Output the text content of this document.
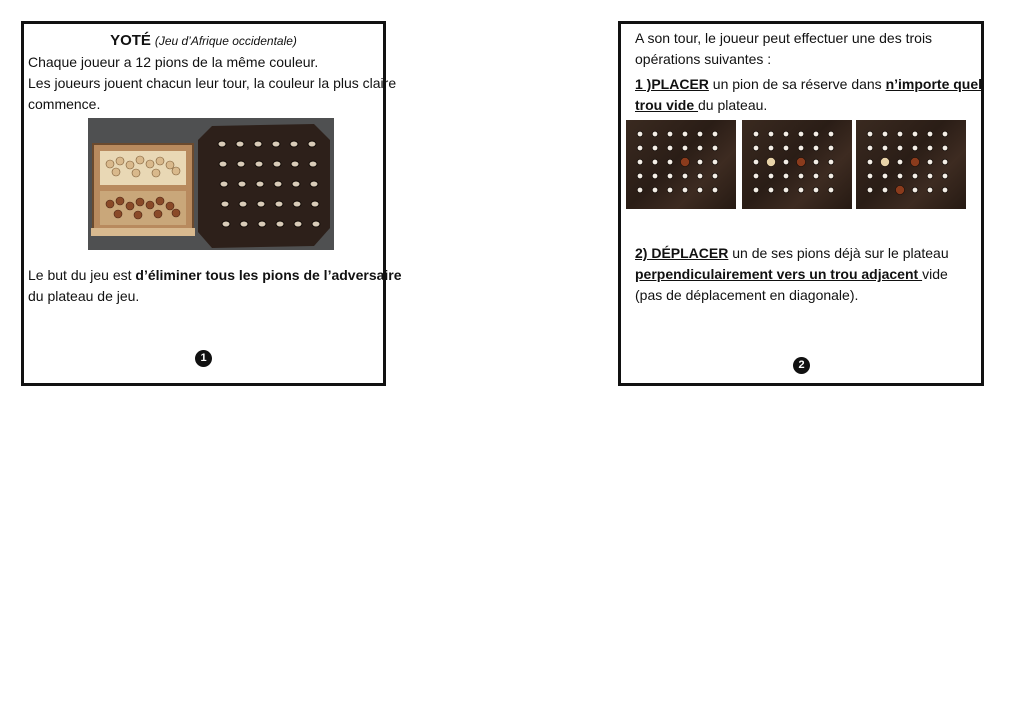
YOTÉ (Jeu d’Afrique occidentale)
Chaque joueur a 12 pions de la même couleur.
Les joueurs jouent chacun leur tour, la couleur la plus claire
commence.
Le but du jeu est d’éliminer tous les pions de l’adversaire
du plateau de jeu.
1
A son tour, le joueur peut effectuer une des trois
opérations suivantes :
1 )PLACER un pion de sa réserve dans n’importe quel
trou vide du plateau.
2) DÉPLACER un de ses pions déjà sur le plateau
perpendiculairement vers un trou adjacent vide
(pas de déplacement en diagonale).
2
